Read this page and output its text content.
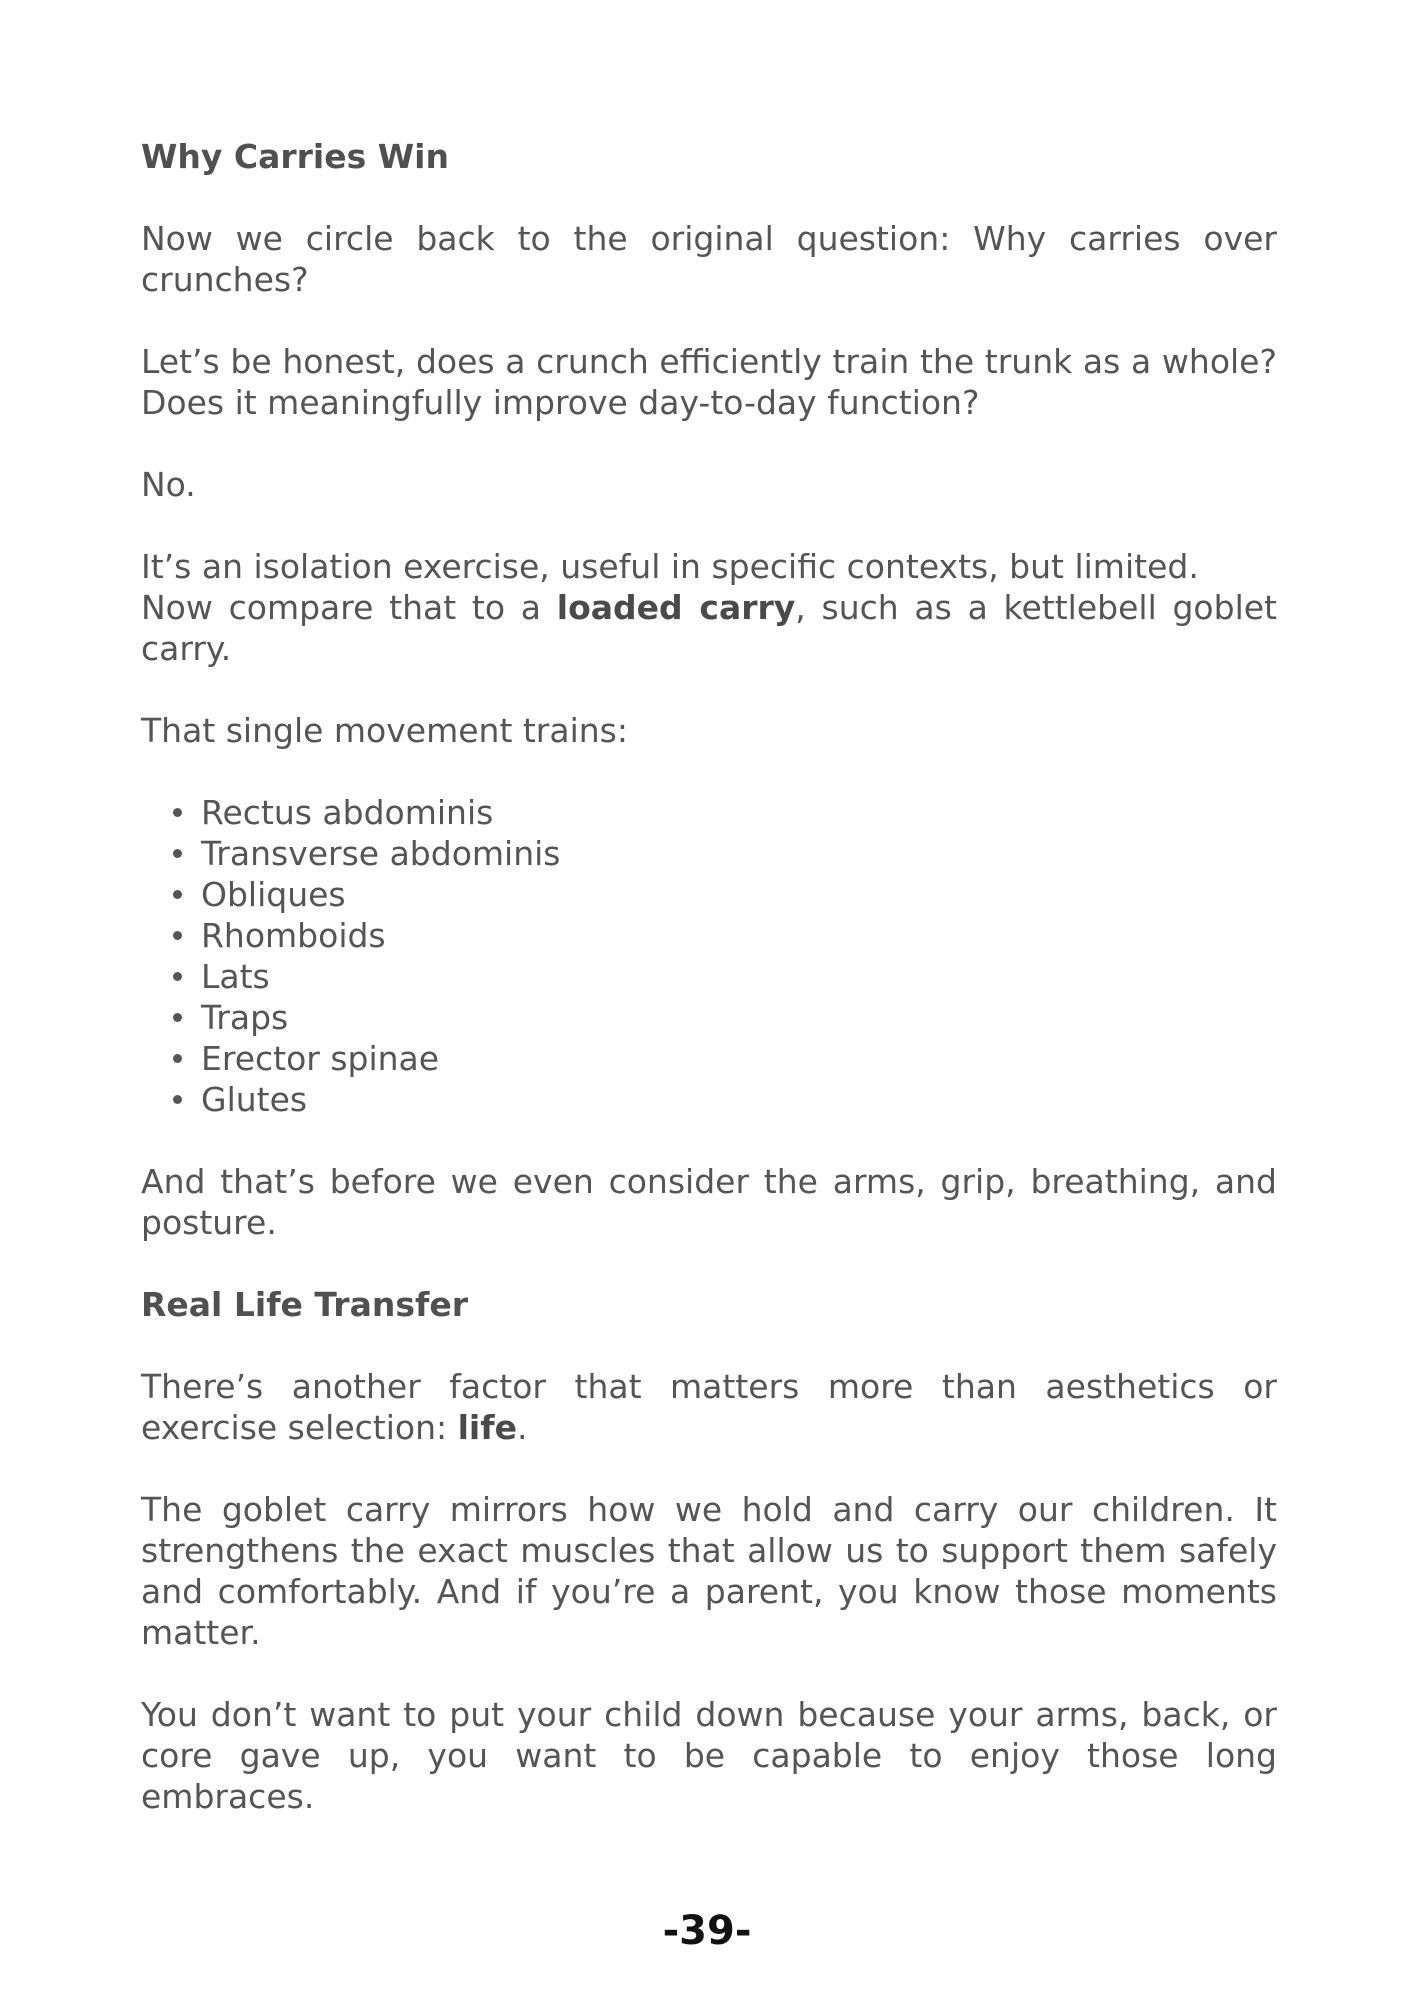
Why Carries Win

Now we circle back to the original question: Why carries over crunches?

Let’s be honest, does a crunch efficiently train the trunk as a whole? Does it meaningfully improve day-to-day function?

No.

It’s an isolation exercise, useful in specific contexts, but limited.
Now compare that to a loaded carry, such as a kettlebell goblet carry.

That single movement trains:

Rectus abdominis
Transverse abdominis
Obliques
Rhomboids
Lats
Traps
Erector spinae
Glutes

And that’s before we even consider the arms, grip, breathing, and posture.

Real Life Transfer

There’s another factor that matters more than aesthetics or exercise selection: life.

The goblet carry mirrors how we hold and carry our children. It strengthens the exact muscles that allow us to support them safely and comfortably. And if you’re a parent, you know those moments matter.

You don’t want to put your child down because your arms, back, or core gave up, you want to be capable to enjoy those long embraces.

-39-
